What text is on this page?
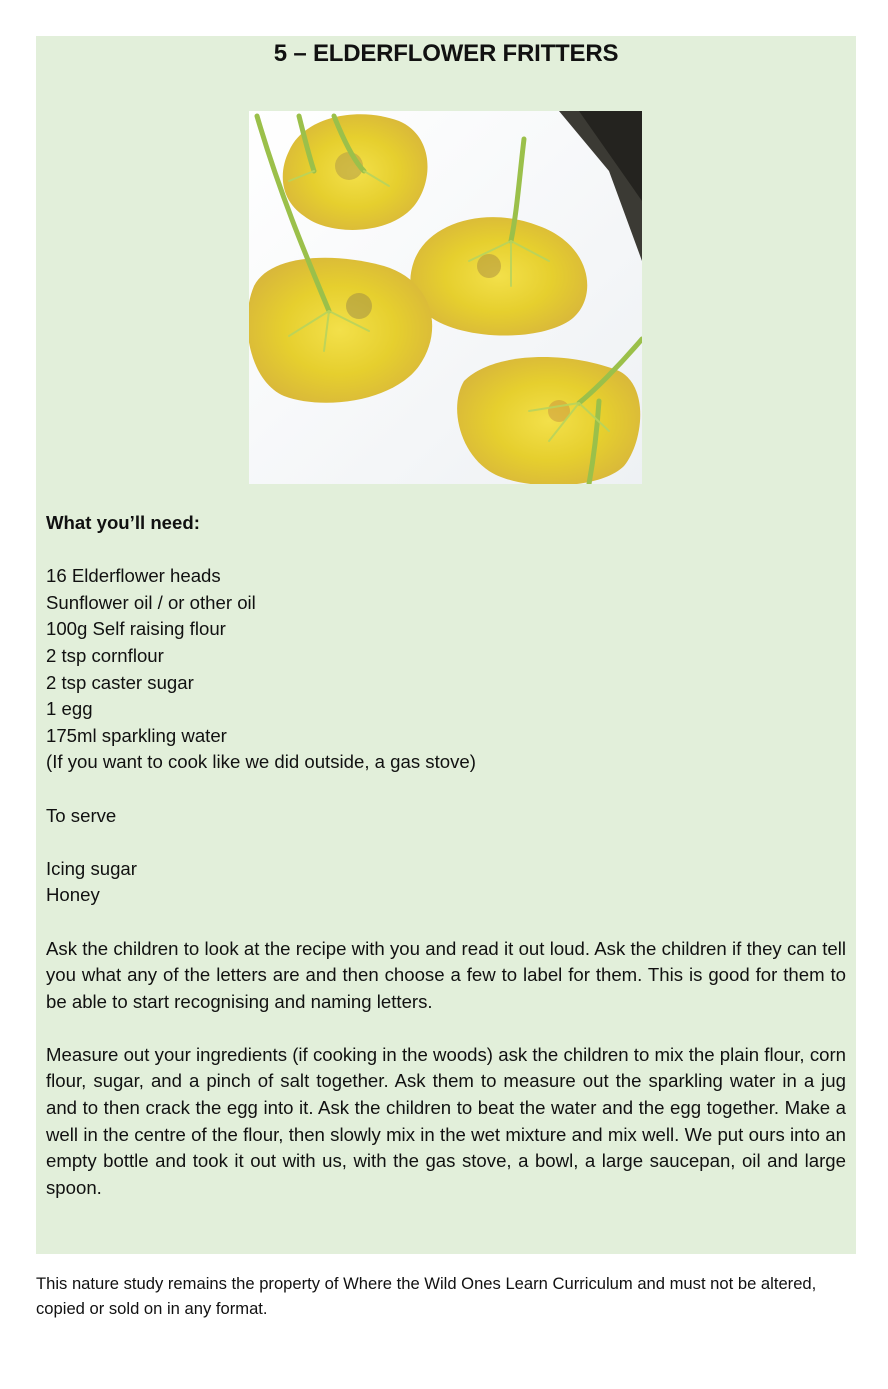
5 – ELDERFLOWER FRITTERS
What you’ll need:
16 Elderflower heads
Sunflower oil / or other oil
100g Self raising flour
2 tsp cornflour
2 tsp caster sugar
1 egg
175ml sparkling water
(If you want to cook like we did outside, a gas stove)
To serve
Icing sugar
Honey

Ask the children to look at the recipe with you and read it out loud. Ask the children if they can tell you what any of the letters are and then choose a few to label for them. This is good for them to be able to start recognising and naming letters.

Measure out your ingredients (if cooking in the woods) ask the children to mix the plain flour, corn flour, sugar, and a pinch of salt together. Ask them to measure out the sparkling water in a jug and to then crack the egg into it. Ask the children to beat the water and the egg together. Make a well in the centre of the flour, then slowly mix in the wet mixture and mix well. We put ours into an empty bottle and took it out with us, with the gas stove, a bowl, a large saucepan, oil and large spoon.

This nature study remains the property of Where the Wild Ones Learn Curriculum and must not be altered, copied or sold on in any format.
